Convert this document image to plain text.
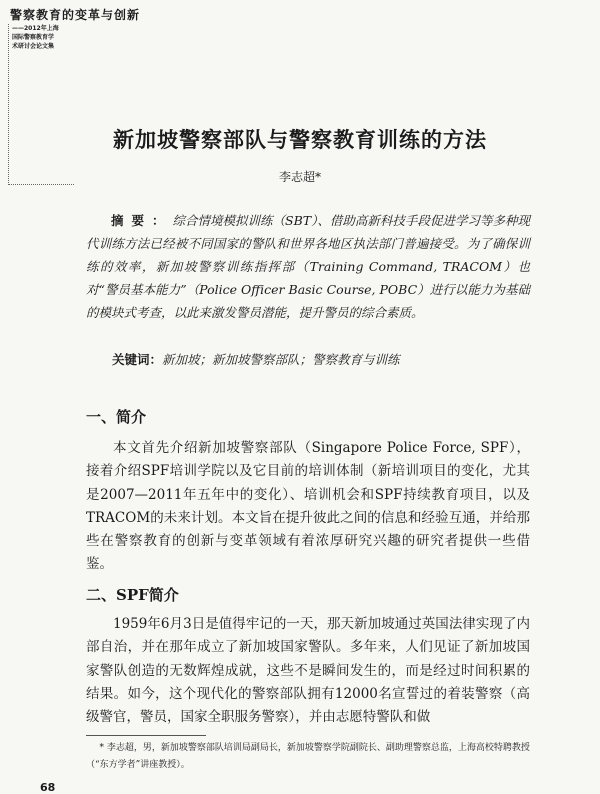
警察教育的变革与创新
——2012年上海
国际警察教育学
术研讨会论文集
新加坡警察部队与警察教育训练的方法
李志超*

摘要：综合情境模拟训练（SBT）、借助高新科技手段促进学习等多种现代训练方法已经被不同国家的警队和世界各地区执法部门普遍接受。为了确保训练的效率，新加坡警察训练指挥部（Training Command, TRACOM）也对“警员基本能力”（Police Officer Basic Course, POBC）进行以能力为基础的模块式考查，以此来激发警员潜能，提升警员的综合素质。

关键词：新加坡；新加坡警察部队；警察教育与训练
一、简介

本文首先介绍新加坡警察部队（Singapore Police Force, SPF），接着介绍SPF培训学院以及它目前的培训体制（新培训项目的变化，尤其是2007—2011年五年中的变化）、培训机会和SPF持续教育项目，以及TRACOM的未来计划。本文旨在提升彼此之间的信息和经验互通，并给那些在警察教育的创新与变革领域有着浓厚研究兴趣的研究者提供一些借鉴。

二、SPF简介

1959年6月3日是值得牢记的一天，那天新加坡通过英国法律实现了内部自治，并在那年成立了新加坡国家警队。多年来，人们见证了新加坡国家警队创造的无数辉煌成就，这些不是瞬间发生的，而是经过时间积累的结果。如今，这个现代化的警察部队拥有12000名宣誓过的着装警察（高级警官，警员，国家全职服务警察），并由志愿特警队和做

* 李志超，男，新加坡警察部队培训局副局长，新加坡警察学院副院长、副助理警察总监，上海高校特聘教授（“东方学者”讲座教授）。

68
